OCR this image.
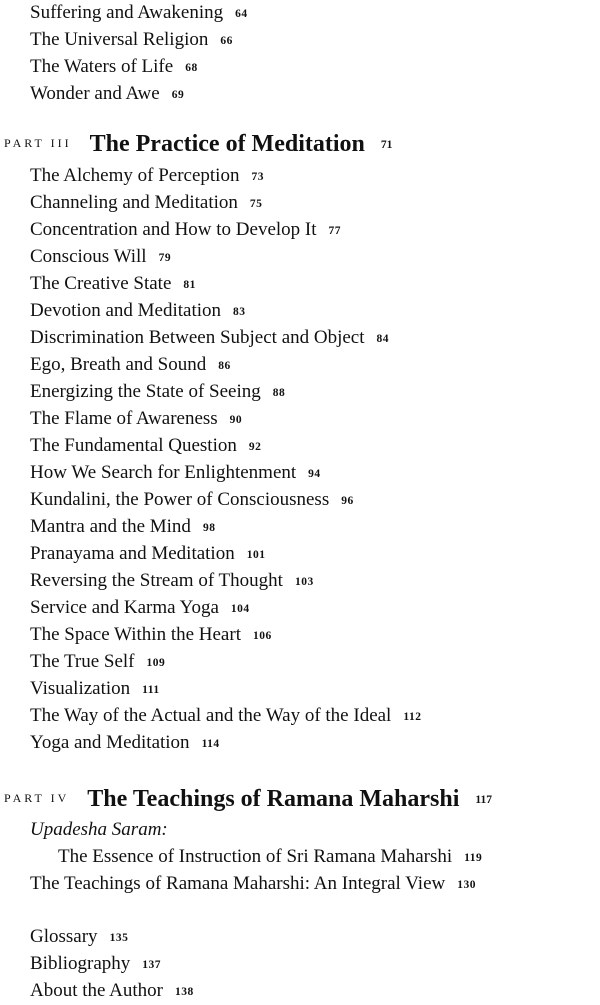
Suffering and Awakening 64
The Universal Religion 66
The Waters of Life 68
Wonder and Awe 69
$^{PART III}$ The Practice of Meditation 71
The Alchemy of Perception 73
Channeling and Meditation 75
Concentration and How to Develop It 77
Conscious Will 79
The Creative State 81
Devotion and Meditation 83
Discrimination Between Subject and Object 84
Ego, Breath and Sound 86
Energizing the State of Seeing 88
The Flame of Awareness 90
The Fundamental Question 92
How We Search for Enlightenment 94
Kundalini, the Power of Consciousness 96
Mantra and the Mind 98
Pranayama and Meditation 101
Reversing the Stream of Thought 103
Service and Karma Yoga 104
The Space Within the Heart 106
The True Self 109
Visualization 111
The Way of the Actual and the Way of the Ideal 112
Yoga and Meditation 114
$^{PART IV}$ The Teachings of Ramana Maharshi 117
Upadesha Saram:
The Essence of Instruction of Sri Ramana Maharshi 119
The Teachings of Ramana Maharshi: An Integral View 130
Glossary 135
Bibliography 137
About the Author 138
